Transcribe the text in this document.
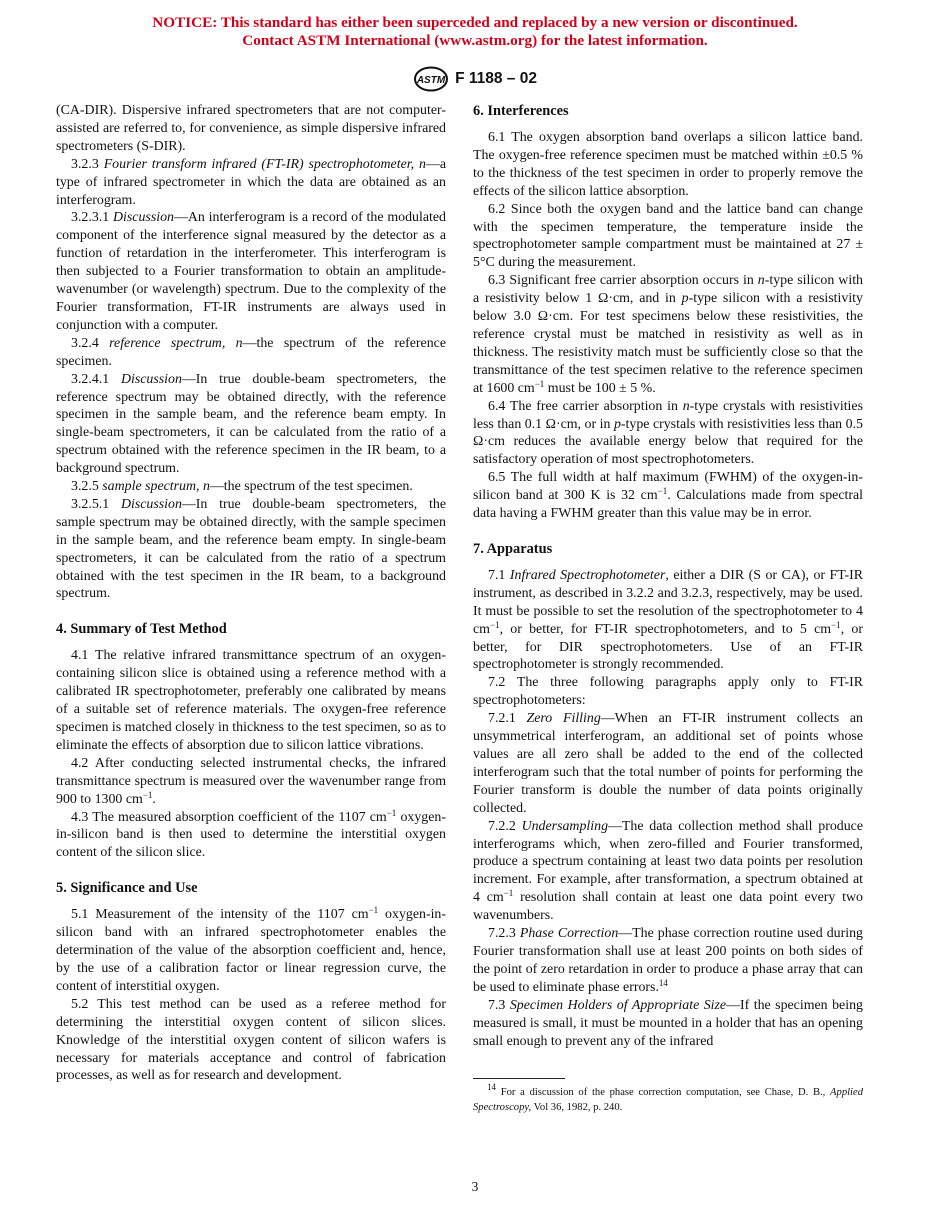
NOTICE: This standard has either been superceded and replaced by a new version or discontinued.
Contact ASTM International (www.astm.org) for the latest information.
ASTM F 1188 – 02

(CA-DIR). Dispersive infrared spectrometers that are not computer-assisted are referred to, for convenience, as simple dispersive infrared spectrometers (S-DIR).

3.2.3 Fourier transform infrared (FT-IR) spectrophotometer, n—a type of infrared spectrometer in which the data are obtained as an interferogram.

3.2.3.1 Discussion—An interferogram is a record of the modulated component of the interference signal measured by the detector as a function of retardation in the interferometer. This interferogram is then subjected to a Fourier transformation to obtain an amplitude-wavenumber (or wavelength) spectrum. Due to the complexity of the Fourier transformation, FT-IR instruments are always used in conjunction with a computer.

3.2.4 reference spectrum, n—the spectrum of the reference specimen.

3.2.4.1 Discussion—In true double-beam spectrometers, the reference spectrum may be obtained directly, with the reference specimen in the sample beam, and the reference beam empty. In single-beam spectrometers, it can be calculated from the ratio of a spectrum obtained with the reference specimen in the IR beam, to a background spectrum.

3.2.5 sample spectrum, n—the spectrum of the test specimen.

3.2.5.1 Discussion—In true double-beam spectrometers, the sample spectrum may be obtained directly, with the sample specimen in the sample beam, and the reference beam empty. In single-beam spectrometers, it can be calculated from the ratio of a spectrum obtained with the test specimen in the IR beam, to a background spectrum.

4. Summary of Test Method

4.1 The relative infrared transmittance spectrum of an oxygen-containing silicon slice is obtained using a reference method with a calibrated IR spectrophotometer, preferably one calibrated by means of a suitable set of reference materials. The oxygen-free reference specimen is matched closely in thickness to the test specimen, so as to eliminate the effects of absorption due to silicon lattice vibrations.

4.2 After conducting selected instrumental checks, the infrared transmittance spectrum is measured over the wavenumber range from 900 to 1300 $cm^{-1}$.

4.3 The measured absorption coefficient of the 1107 $cm^{-1}$ oxygen-in-silicon band is then used to determine the interstitial oxygen content of the silicon slice.

5. Significance and Use

5.1 Measurement of the intensity of the 1107 $cm^{-1}$ oxygen-in-silicon band with an infrared spectrophotometer enables the determination of the value of the absorption coefficient and, hence, by the use of a calibration factor or linear regression curve, the content of interstitial oxygen.

5.2 This test method can be used as a referee method for determining the interstitial oxygen content of silicon slices. Knowledge of the interstitial oxygen content of silicon wafers is necessary for materials acceptance and control of fabrication processes, as well as for research and development.

6. Interferences

6.1 The oxygen absorption band overlaps a silicon lattice band. The oxygen-free reference specimen must be matched within ±0.5 % to the thickness of the test specimen in order to properly remove the effects of the silicon lattice absorption.

6.2 Since both the oxygen band and the lattice band can change with the specimen temperature, the temperature inside the spectrophotometer sample compartment must be maintained at 27 ± 5°C during the measurement.

6.3 Significant free carrier absorption occurs in n-type silicon with a resistivity below 1 Ω·cm, and in p-type silicon with a resistivity below 3.0 Ω·cm. For test specimens below these resistivities, the reference crystal must be matched in resistivity as well as in thickness. The resistivity match must be sufficiently close so that the transmittance of the test specimen relative to the reference specimen at 1600 $cm^{-1}$ must be 100 ± 5 %.

6.4 The free carrier absorption in n-type crystals with resistivities less than 0.1 Ω·cm, or in p-type crystals with resistivities less than 0.5 Ω·cm reduces the available energy below that required for the satisfactory operation of most spectrophotometers.

6.5 The full width at half maximum (FWHM) of the oxygen-in-silicon band at 300 K is 32 $cm^{-1}$. Calculations made from spectral data having a FWHM greater than this value may be in error.

7. Apparatus

7.1 Infrared Spectrophotometer, either a DIR (S or CA), or FT-IR instrument, as described in 3.2.2 and 3.2.3, respectively, may be used. It must be possible to set the resolution of the spectrophotometer to 4 $cm^{-1}$, or better, for FT-IR spectrophotometers, and to 5 $cm^{-1}$, or better, for DIR spectrophotometers. Use of an FT-IR spectrophotometer is strongly recommended.

7.2 The three following paragraphs apply only to FT-IR spectrophotometers:

7.2.1 Zero Filling—When an FT-IR instrument collects an unsymmetrical interferogram, an additional set of points whose values are all zero shall be added to the end of the collected interferogram such that the total number of points for performing the Fourier transform is double the number of data points originally collected.

7.2.2 Undersampling—The data collection method shall produce interferograms which, when zero-filled and Fourier transformed, produce a spectrum containing at least two data points per resolution increment. For example, after transformation, a spectrum obtained at 4 $cm^{-1}$ resolution shall contain at least one data point every two wavenumbers.

7.2.3 Phase Correction—The phase correction routine used during Fourier transformation shall use at least 200 points on both sides of the point of zero retardation in order to produce a phase array that can be used to eliminate phase errors.$^{14}$

7.3 Specimen Holders of Appropriate Size—If the specimen being measured is small, it must be mounted in a holder that has an opening small enough to prevent any of the infrared

$^{14}$ For a discussion of the phase correction computation, see Chase, D. B., Applied Spectroscopy, Vol 36, 1982, p. 240.

3
